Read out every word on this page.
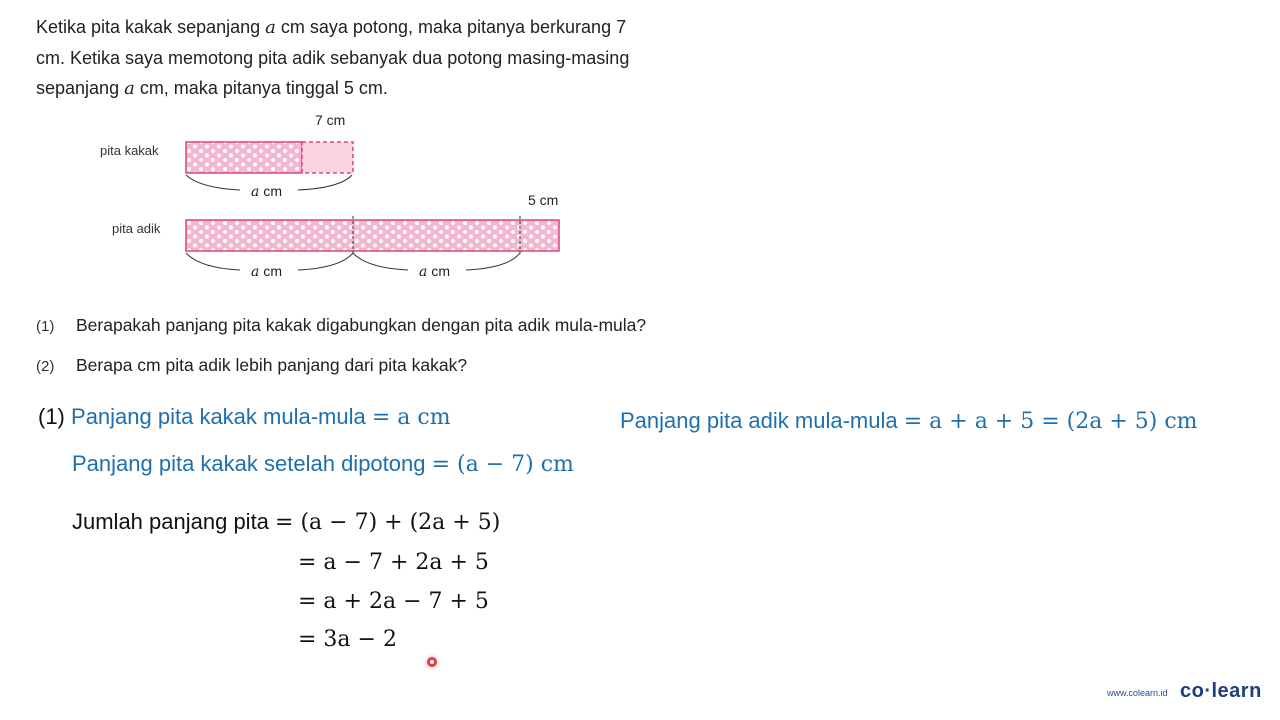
Ketika pita kakak sepanjang a cm saya potong, maka pitanya berkurang 7
cm. Ketika saya memotong pita adik sebanyak dua potong masing-masing
sepanjang a cm, maka pitanya tinggal 5 cm.
pita kakak
7 cm
a cm
pita adik
5 cm
a cm	a cm
(1) Berapakah panjang pita kakak digabungkan dengan pita adik mula-mula?
(2) Berapa cm pita adik lebih panjang dari pita kakak?
(1) Panjang pita kakak mula-mula = a cm	Panjang pita adik mula-mula = a + a + 5 = (2a + 5) cm
Panjang pita kakak setelah dipotong = (a − 7) cm
Jumlah panjang pita = (a − 7) + (2a + 5)
= a − 7 + 2a + 5
= a + 2a − 7 + 5
= 3a − 2
www.colearn.id co·learn
